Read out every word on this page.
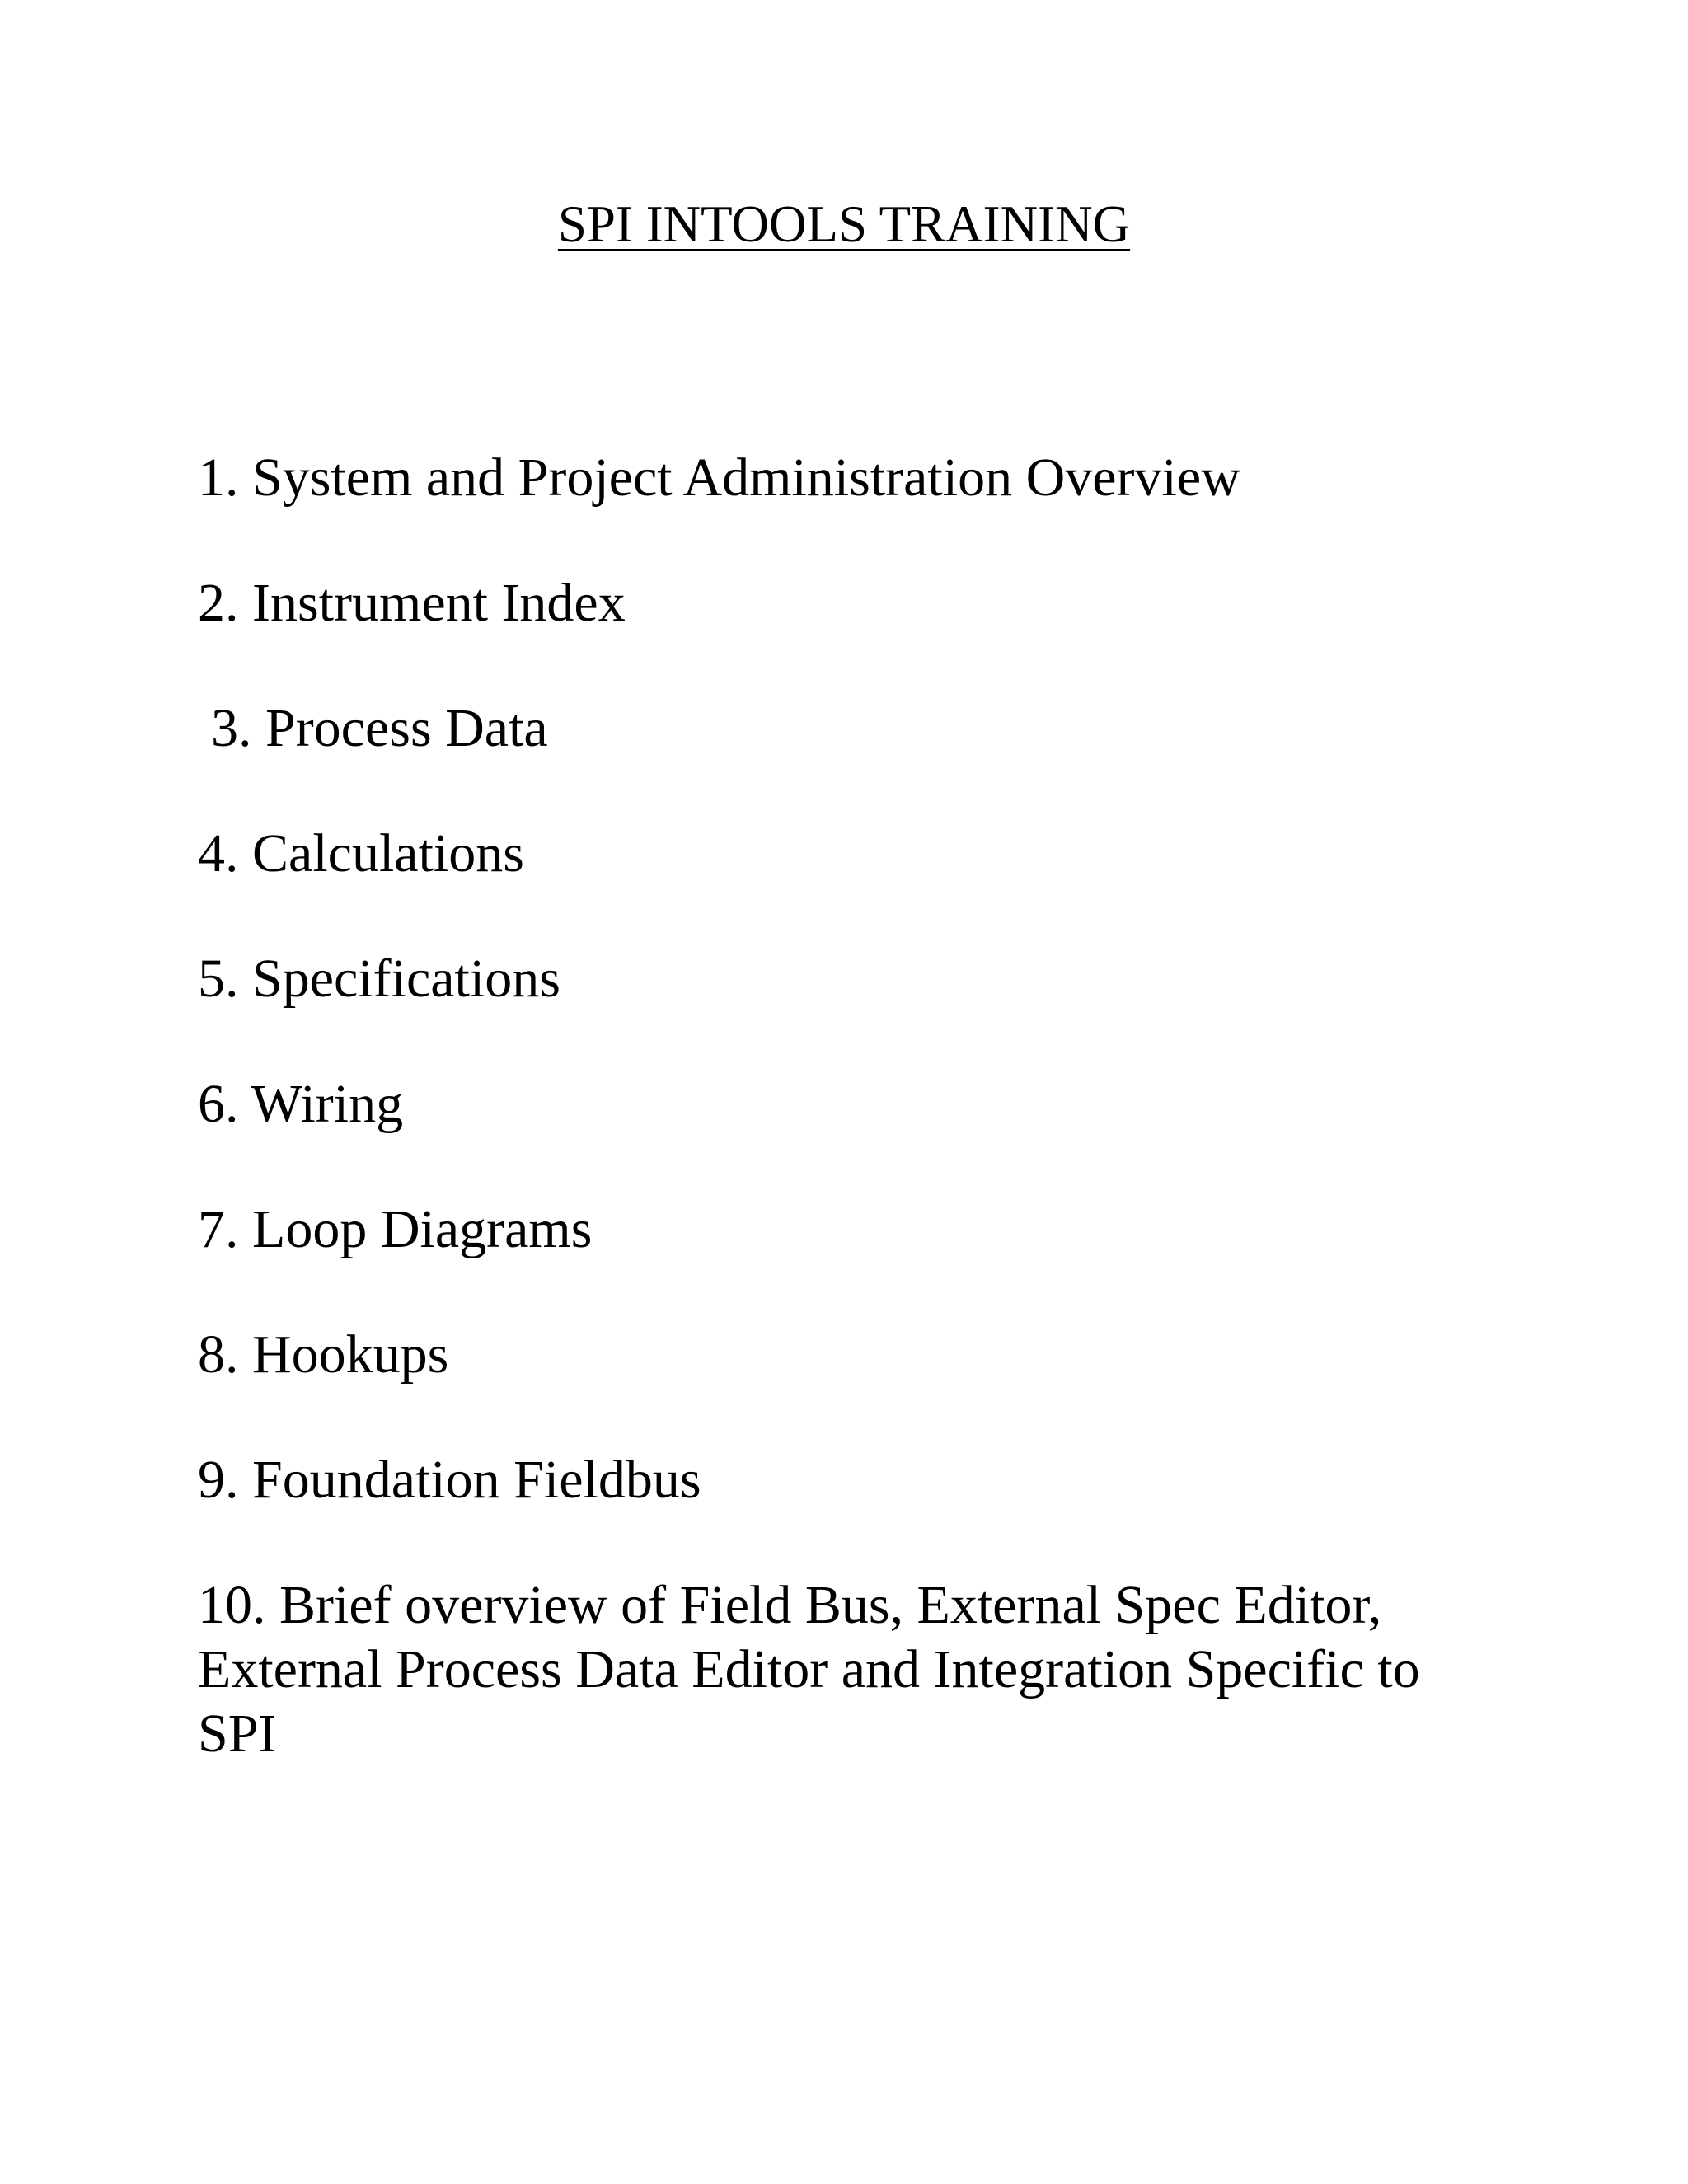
SPI INTOOLS TRAINING
1. System and Project Administration Overview
2. Instrument Index
3. Process Data
4. Calculations
5. Specifications
6. Wiring
7. Loop Diagrams
8. Hookups
9. Foundation Fieldbus
10. Brief overview of Field Bus, External Spec Editor, External Process Data Editor and Integration Specific to SPI
